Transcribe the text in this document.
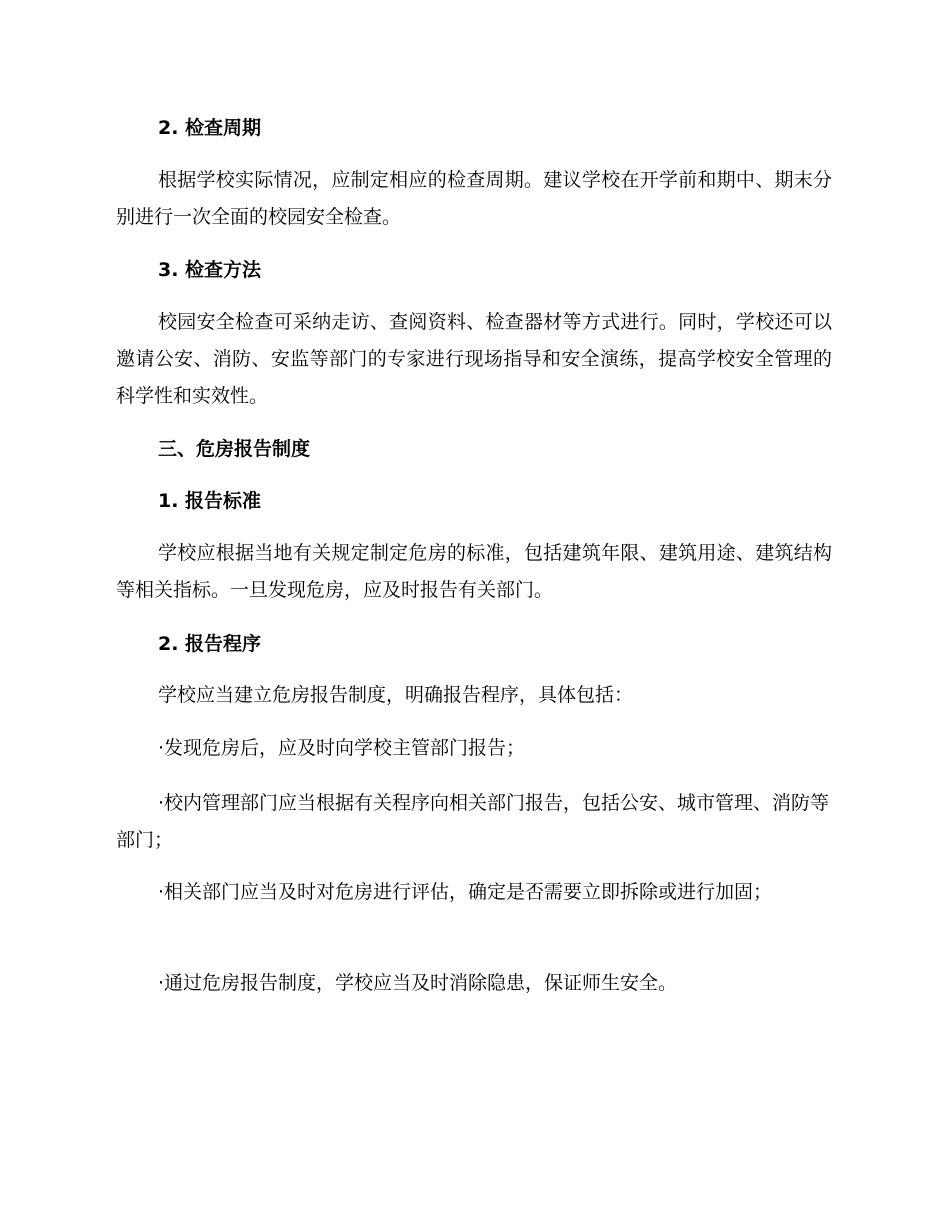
2. 检查周期
根据学校实际情况，应制定相应的检查周期。建议学校在开学前和期中、期末分别进行一次全面的校园安全检查。
3. 检查方法
校园安全检查可采纳走访、查阅资料、检查器材等方式进行。同时，学校还可以邀请公安、消防、安监等部门的专家进行现场指导和安全演练，提高学校安全管理的科学性和实效性。
三、危房报告制度
1. 报告标准
学校应根据当地有关规定制定危房的标准，包括建筑年限、建筑用途、建筑结构等相关指标。一旦发现危房，应及时报告有关部门。
2. 报告程序
学校应当建立危房报告制度，明确报告程序，具体包括：
·发现危房后，应及时向学校主管部门报告；
·校内管理部门应当根据有关程序向相关部门报告，包括公安、城市管理、消防等部门；
·相关部门应当及时对危房进行评估，确定是否需要立即拆除或进行加固；
·通过危房报告制度，学校应当及时消除隐患，保证师生安全。
